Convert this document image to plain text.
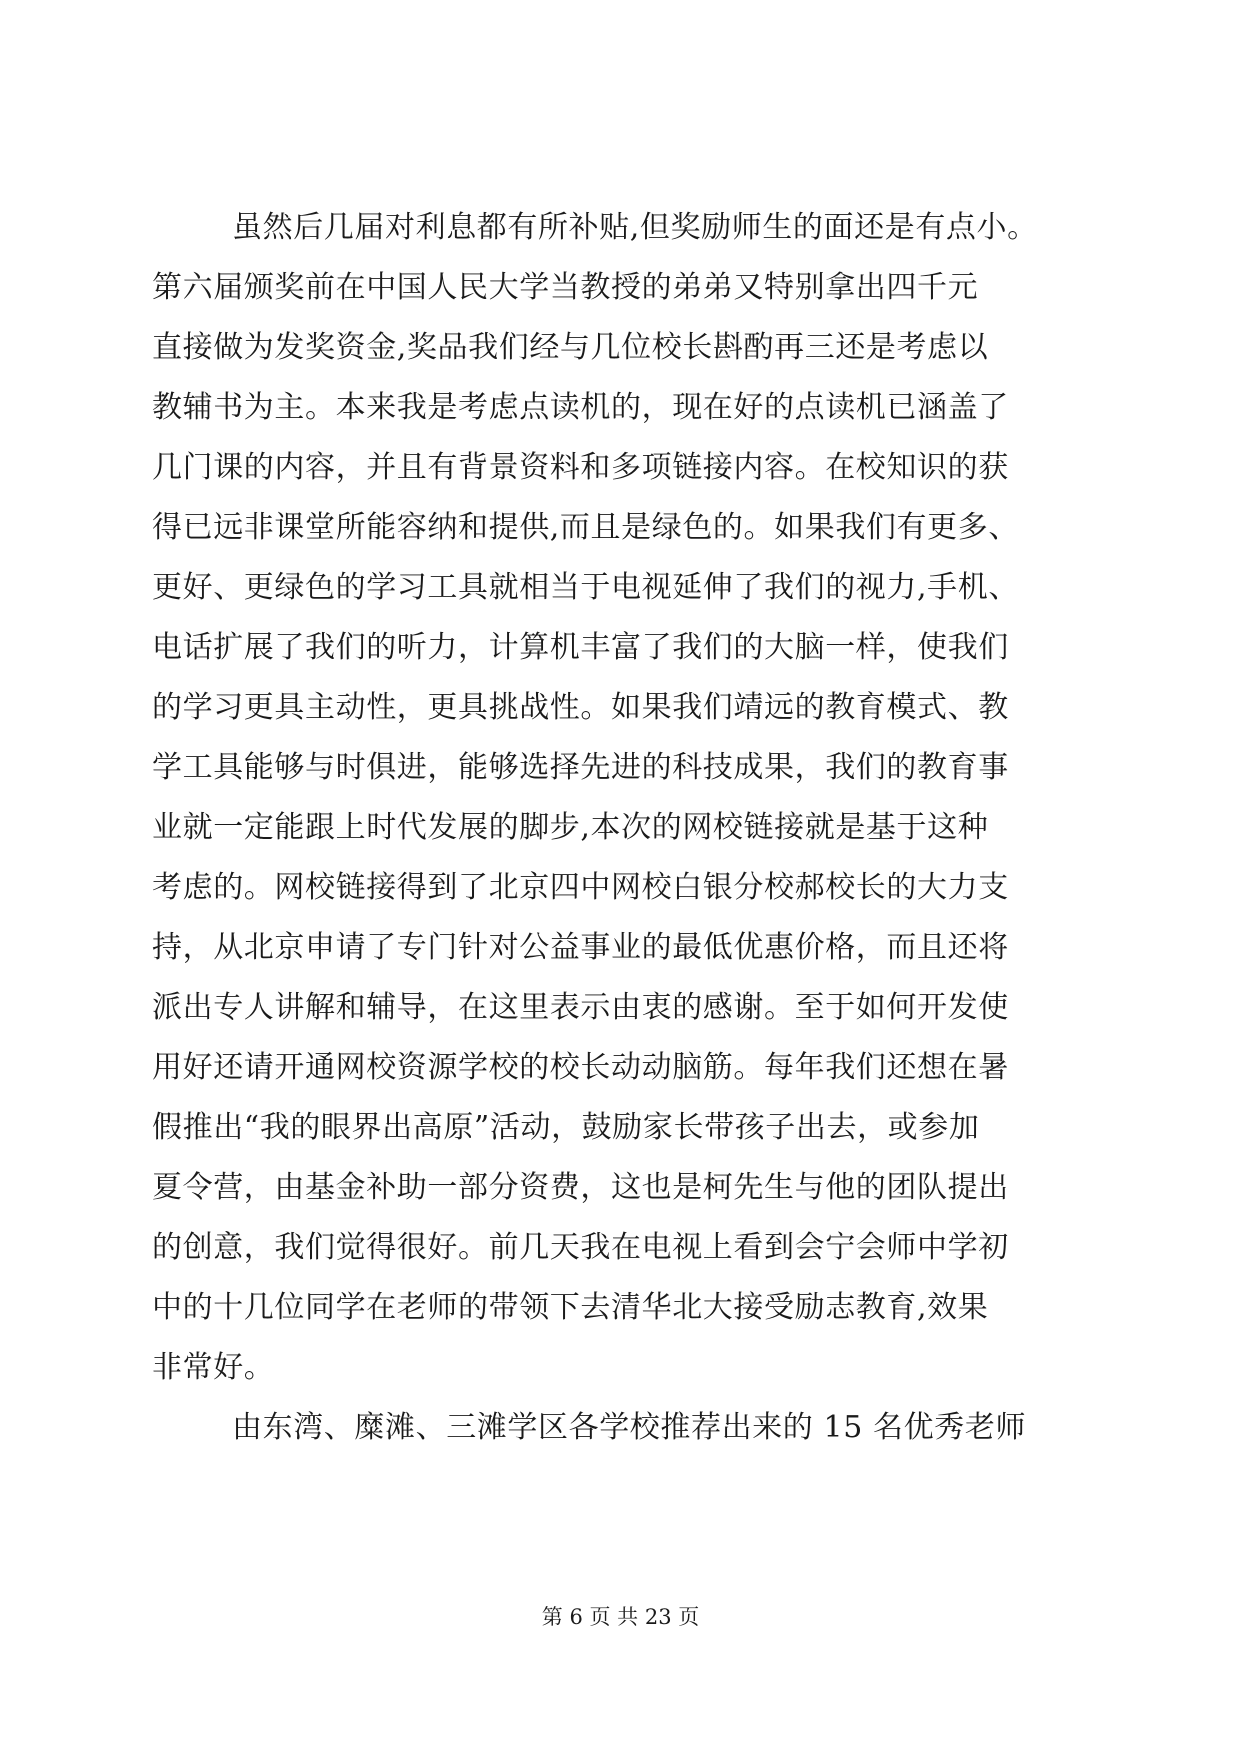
虽然后几届对利息都有所补贴,但奖励师生的面还是有点小。
第六届颁奖前在中国人民大学当教授的弟弟又特别拿出四千元
直接做为发奖资金,奖品我们经与几位校长斟酌再三还是考虑以
教辅书为主。本来我是考虑点读机的，现在好的点读机已涵盖了
几门课的内容，并且有背景资料和多项链接内容。在校知识的获
得已远非课堂所能容纳和提供,而且是绿色的。如果我们有更多、
更好、更绿色的学习工具就相当于电视延伸了我们的视力,手机、
电话扩展了我们的听力，计算机丰富了我们的大脑一样，使我们
的学习更具主动性，更具挑战性。如果我们靖远的教育模式、教
学工具能够与时俱进，能够选择先进的科技成果，我们的教育事
业就一定能跟上时代发展的脚步,本次的网校链接就是基于这种
考虑的。网校链接得到了北京四中网校白银分校郝校长的大力支
持，从北京申请了专门针对公益事业的最低优惠价格，而且还将
派出专人讲解和辅导，在这里表示由衷的感谢。至于如何开发使
用好还请开通网校资源学校的校长动动脑筋。每年我们还想在暑
假推出“我的眼界出高原”活动，鼓励家长带孩子出去，或参加
夏令营，由基金补助一部分资费，这也是柯先生与他的团队提出
的创意，我们觉得很好。前几天我在电视上看到会宁会师中学初
中的十几位同学在老师的带领下去清华北大接受励志教育,效果
非常好。
由东湾、糜滩、三滩学区各学校推荐出来的 15 名优秀老师
第 6 页 共 23 页
